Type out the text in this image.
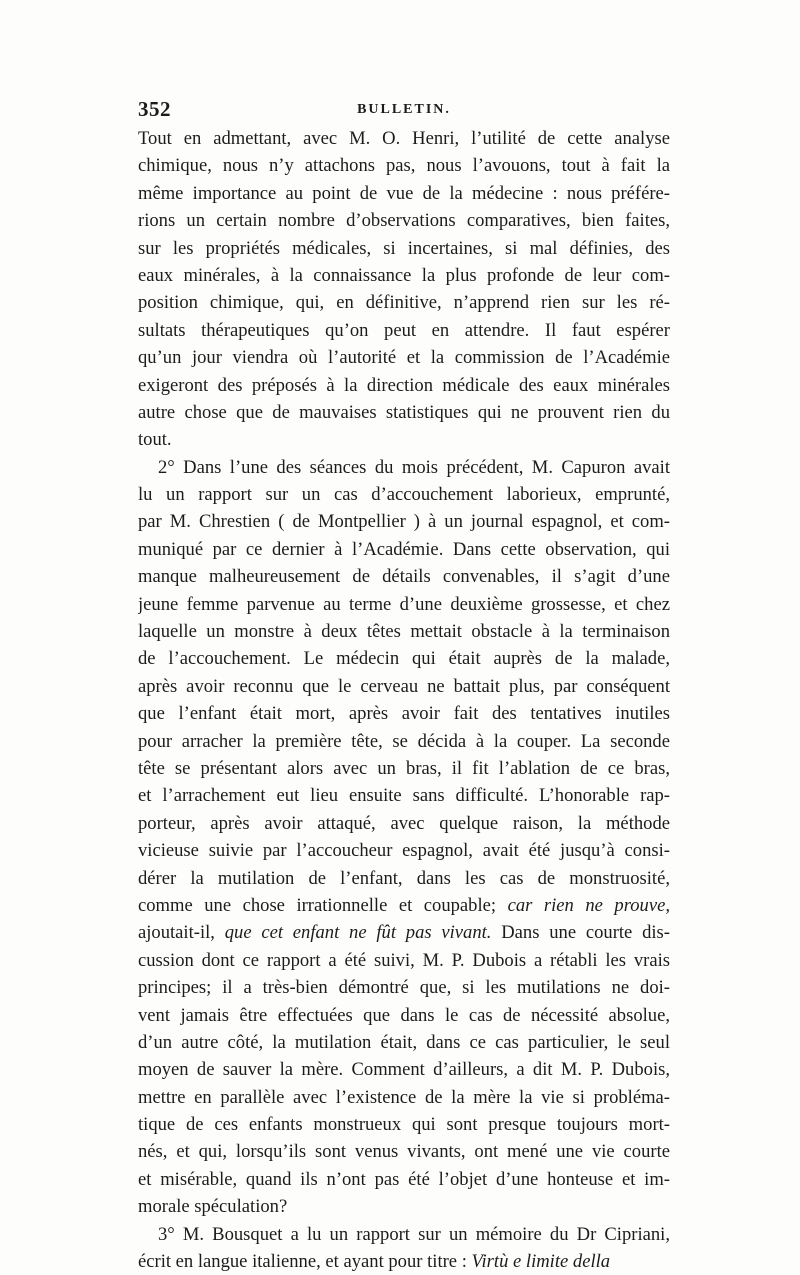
352	BULLETIN.
Tout en admettant, avec M. O. Henri, l’utilité de cette analyse
chimique, nous n’y attachons pas, nous l’avouons, tout à fait la
même importance au point de vue de la médecine : nous préfére-
rions un certain nombre d’observations comparatives, bien faites,
sur les propriétés médicales, si incertaines, si mal définies, des
eaux minérales, à la connaissance la plus profonde de leur com-
position chimique, qui, en définitive, n’apprend rien sur les ré-
sultats thérapeutiques qu’on peut en attendre. Il faut espérer
qu’un jour viendra où l’autorité et la commission de l’Académie
exigeront des préposés à la direction médicale des eaux minérales
autre chose que de mauvaises statistiques qui ne prouvent rien du
tout.
2° Dans l’une des séances du mois précédent, M. Capuron avait
lu un rapport sur un cas d’accouchement laborieux, emprunté,
par M. Chrestien ( de Montpellier ) à un journal espagnol, et com-
muniqué par ce dernier à l’Académie. Dans cette observation, qui
manque malheureusement de détails convenables, il s’agit d’une
jeune femme parvenue au terme d’une deuxième grossesse, et chez
laquelle un monstre à deux têtes mettait obstacle à la terminaison
de l’accouchement. Le médecin qui était auprès de la malade,
après avoir reconnu que le cerveau ne battait plus, par conséquent
que l’enfant était mort, après avoir fait des tentatives inutiles
pour arracher la première tête, se décida à la couper. La seconde
tête se présentant alors avec un bras, il fit l’ablation de ce bras,
et l’arrachement eut lieu ensuite sans difficulté. L’honorable rap-
porteur, après avoir attaqué, avec quelque raison, la méthode
vicieuse suivie par l’accoucheur espagnol, avait été jusqu’à consi-
dérer la mutilation de l’enfant, dans les cas de monstruosité,
comme une chose irrationnelle et coupable; car rien ne prouve,
ajoutait-il, que cet enfant ne fût pas vivant. Dans une courte dis-
cussion dont ce rapport a été suivi, M. P. Dubois a rétabli les vrais
principes; il a très-bien démontré que, si les mutilations ne doi-
vent jamais être effectuées que dans le cas de nécessité absolue,
d’un autre côté, la mutilation était, dans ce cas particulier, le seul
moyen de sauver la mère. Comment d’ailleurs, a dit M. P. Dubois,
mettre en parallèle avec l’existence de la mère la vie si probléma-
tique de ces enfants monstrueux qui sont presque toujours mort-
nés, et qui, lorsqu’ils sont venus vivants, ont mené une vie courte
et misérable, quand ils n’ont pas été l’objet d’une honteuse et im-
morale spéculation?
3° M. Bousquet a lu un rapport sur un mémoire du Dr Cipriani,
écrit en langue italienne, et ayant pour titre : Virtù e limite della
